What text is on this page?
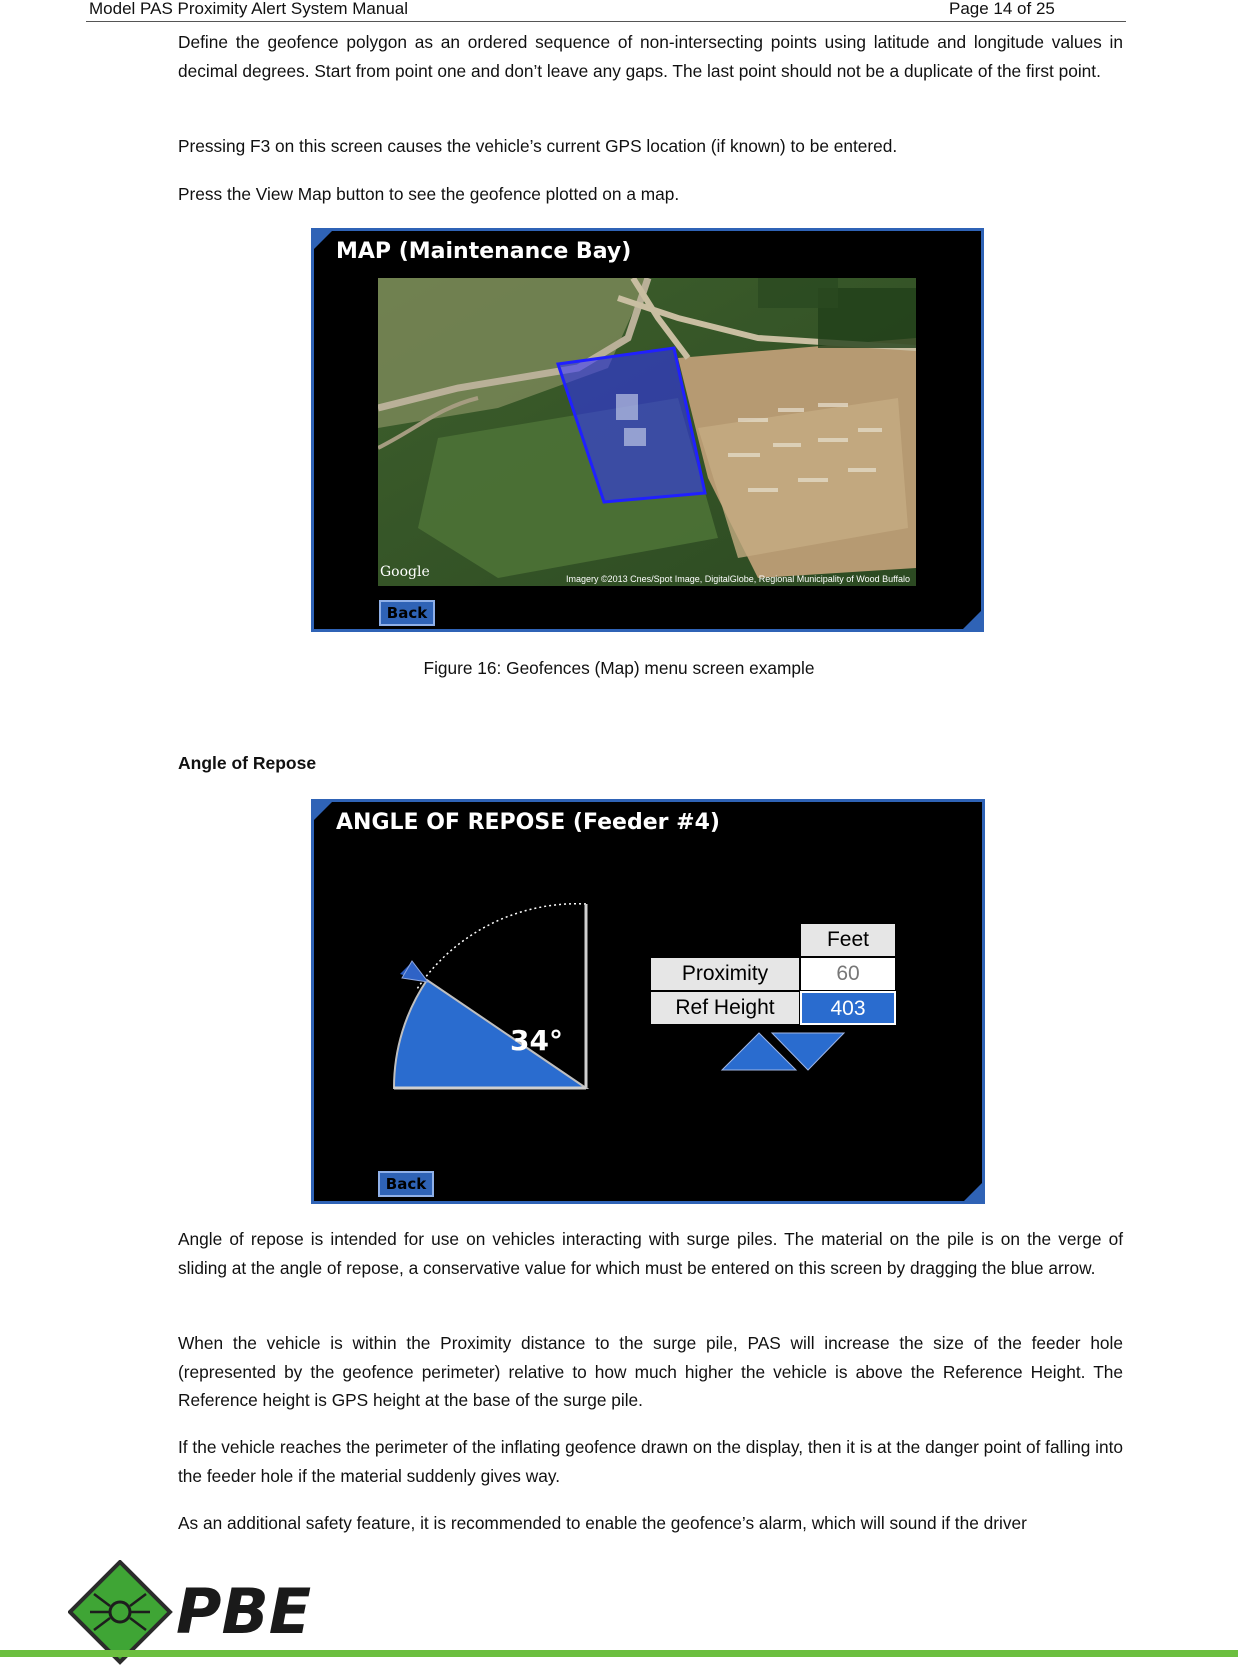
Model PAS Proximity Alert System Manual	Page 14 of 25

Define the geofence polygon as an ordered sequence of non-intersecting points using latitude and longitude values in decimal degrees. Start from point one and don’t leave any gaps. The last point should not be a duplicate of the first point.

Pressing F3 on this screen causes the vehicle’s current GPS location (if known) to be entered.

Press the View Map button to see the geofence plotted on a map.

MAP (Maintenance Bay)
Back
Google	Imagery ©2013 Cnes/Spot Image, DigitalGlobe, Regional Municipality of Wood Buffalo
Figure 16: Geofences (Map) menu screen example
Angle of Repose
ANGLE OF REPOSE (Feeder #4)
34°
Feet
Proximity	60
Ref Height	403
Back

Angle of repose is intended for use on vehicles interacting with surge piles. The material on the pile is on the verge of sliding at the angle of repose, a conservative value for which must be entered on this screen by dragging the blue arrow.

When the vehicle is within the Proximity distance to the surge pile, PAS will increase the size of the feeder hole (represented by the geofence perimeter) relative to how much higher the vehicle is above the Reference Height. The Reference height is GPS height at the base of the surge pile.

If the vehicle reaches the perimeter of the inflating geofence drawn on the display, then it is at the danger point of falling into the feeder hole if the material suddenly gives way.

As an additional safety feature, it is recommended to enable the geofence’s alarm, which will sound if the driver

PBE
